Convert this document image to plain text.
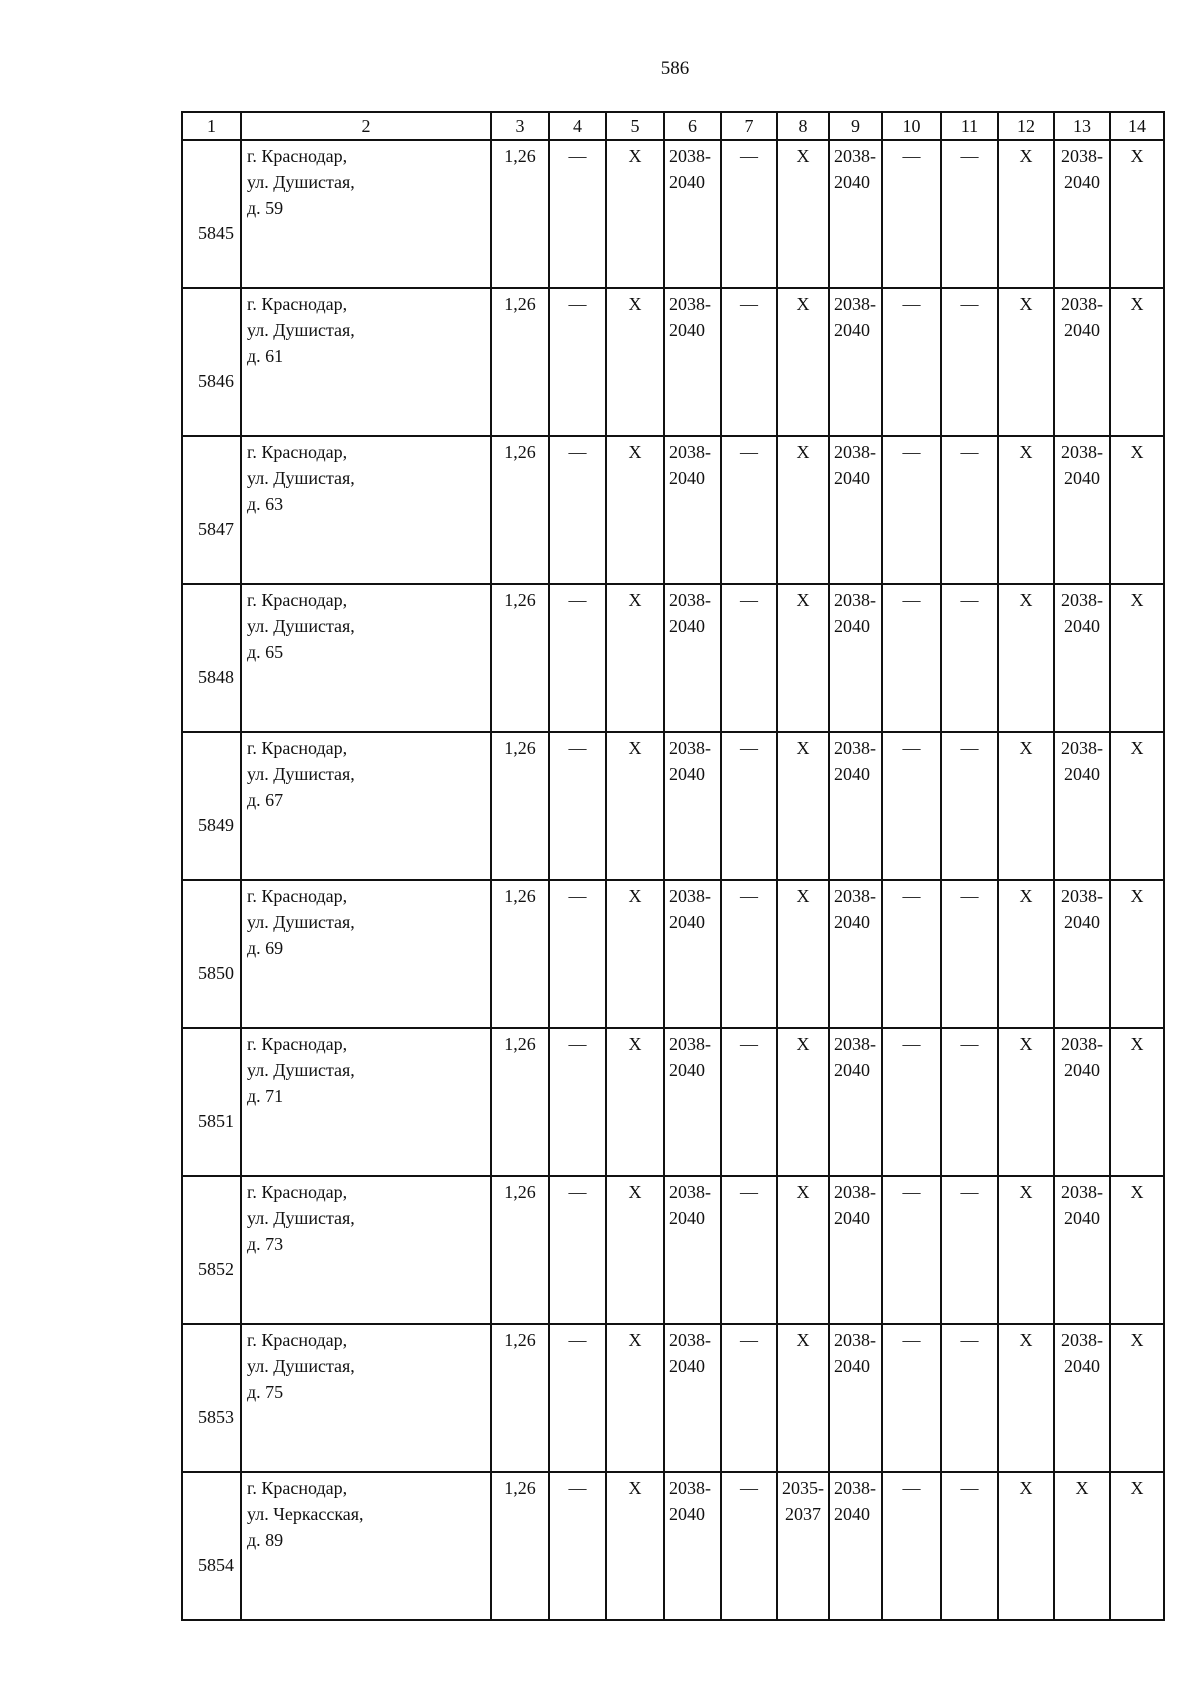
586
1	2	3	4	5	6	7	8	9	10	11	12	13	14
5845	г. Краснодар,
ул. Душистая,
д. 59	1,26	—	X	2038-
2040	—	X	2038-
2040	—	—	X	2038-
2040	X
5846	г. Краснодар,
ул. Душистая,
д. 61	1,26	—	X	2038-
2040	—	X	2038-
2040	—	—	X	2038-
2040	X
5847	г. Краснодар,
ул. Душистая,
д. 63	1,26	—	X	2038-
2040	—	X	2038-
2040	—	—	X	2038-
2040	X
5848	г. Краснодар,
ул. Душистая,
д. 65	1,26	—	X	2038-
2040	—	X	2038-
2040	—	—	X	2038-
2040	X
5849	г. Краснодар,
ул. Душистая,
д. 67	1,26	—	X	2038-
2040	—	X	2038-
2040	—	—	X	2038-
2040	X
5850	г. Краснодар,
ул. Душистая,
д. 69	1,26	—	X	2038-
2040	—	X	2038-
2040	—	—	X	2038-
2040	X
5851	г. Краснодар,
ул. Душистая,
д. 71	1,26	—	X	2038-
2040	—	X	2038-
2040	—	—	X	2038-
2040	X
5852	г. Краснодар,
ул. Душистая,
д. 73	1,26	—	X	2038-
2040	—	X	2038-
2040	—	—	X	2038-
2040	X
5853	г. Краснодар,
ул. Душистая,
д. 75	1,26	—	X	2038-
2040	—	X	2038-
2040	—	—	X	2038-
2040	X
5854	г. Краснодар,
ул. Черкасская,
д. 89	1,26	—	X	2038-
2040	—	2035-
2037	2038-
2040	—	—	X	X	X
